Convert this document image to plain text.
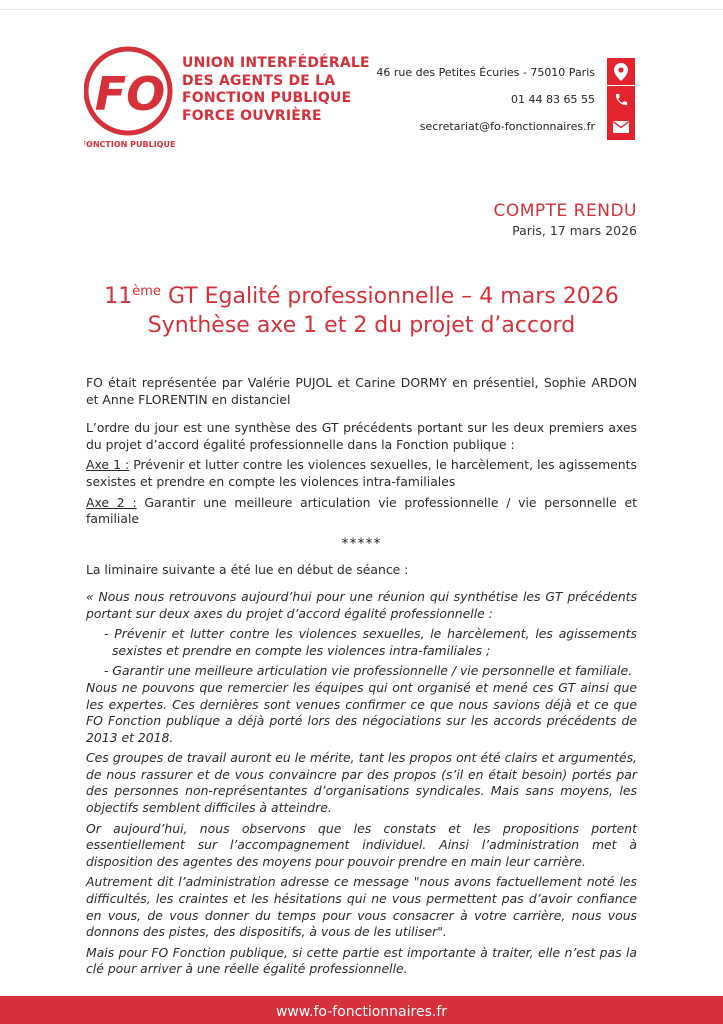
FO
FONCTION PUBLIQUE
UNION INTERFÉDÉRALE
DES AGENTS DE LA
FONCTION PUBLIQUE
FORCE OUVRIÈRE
46 rue des Petites Écuries - 75010 Paris
01 44 83 65 55
secretariat@fo-fonctionnaires.fr
COMPTE RENDU
Paris, 17 mars 2026
11ème GT Egalité professionnelle – 4 mars 2026
Synthèse axe 1 et 2 du projet d’accord

FO était représentée par Valérie PUJOL et Carine DORMY en présentiel, Sophie ARDON et Anne FLORENTIN en distanciel

L’ordre du jour est une synthèse des GT précédents portant sur les deux premiers axes du projet d’accord égalité professionnelle dans la Fonction publique :

Axe 1 : Prévenir et lutter contre les violences sexuelles, le harcèlement, les agissements sexistes et prendre en compte les violences intra-familiales

Axe 2 : Garantir une meilleure articulation vie professionnelle / vie personnelle et familiale

*****

La liminaire suivante a été lue en début de séance :

« Nous nous retrouvons aujourd’hui pour une réunion qui synthétise les GT précédents portant sur deux axes du projet d’accord égalité professionnelle :

- Prévenir et lutter contre les violences sexuelles, le harcèlement, les agissements sexistes et prendre en compte les violences intra-familiales ;

- Garantir une meilleure articulation vie professionnelle / vie personnelle et familiale.

Nous ne pouvons que remercier les équipes qui ont organisé et mené ces GT ainsi que les expertes. Ces dernières sont venues confirmer ce que nous savions déjà et ce que FO Fonction publique a déjà porté lors des négociations sur les accords précédents de 2013 et 2018.

Ces groupes de travail auront eu le mérite, tant les propos ont été clairs et argumentés, de nous rassurer et de vous convaincre par des propos (s’il en était besoin) portés par des personnes non-représentantes d’organisations syndicales. Mais sans moyens, les objectifs semblent difficiles à atteindre.

Or aujourd’hui, nous observons que les constats et les propositions portent essentiellement sur l’accompagnement individuel. Ainsi l’administration met à disposition des agentes des moyens pour pouvoir prendre en main leur carrière.

Autrement dit l’administration adresse ce message "nous avons factuellement noté les difficultés, les craintes et les hésitations qui ne vous permettent pas d’avoir confiance en vous, de vous donner du temps pour vous consacrer à votre carrière, nous vous donnons des pistes, des dispositifs, à vous de les utiliser".

Mais pour FO Fonction publique, si cette partie est importante à traiter, elle n’est pas la clé pour arriver à une réelle égalité professionnelle.

www.fo-fonctionnaires.fr
